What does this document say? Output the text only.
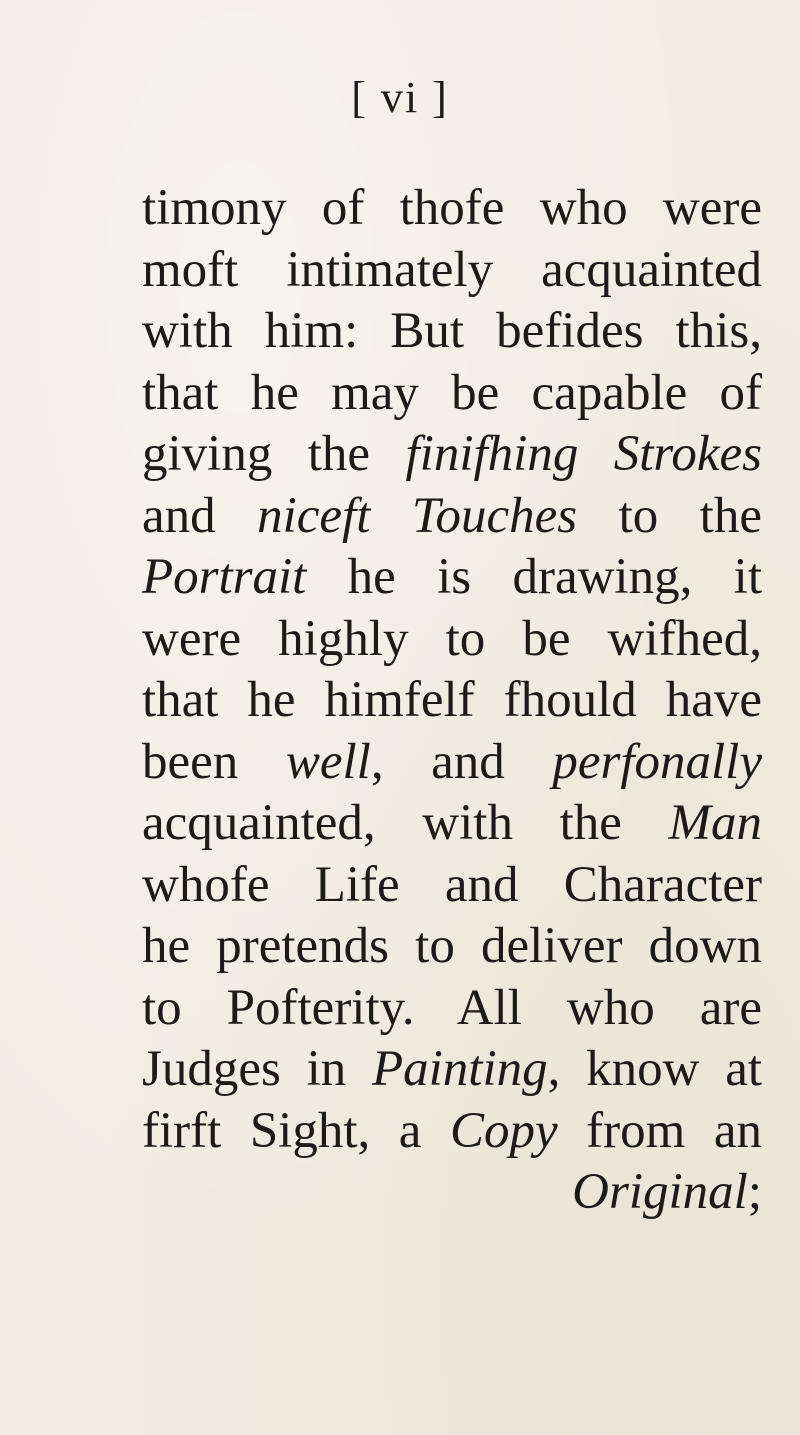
[ vi ]
timony of thofe who were
moft intimately acquainted
with him: But befides this,
that he may be capable of
giving the finifhing Strokes
and niceft Touches to the
Portrait he is drawing, it
were highly to be wifhed,
that he himfelf fhould have
been well, and perfonally
acquainted, with the Man
whofe Life and Character
he pretends to deliver down
to Pofterity. All who are
Judges in Painting, know at
firft Sight, a Copy from an
Original;
